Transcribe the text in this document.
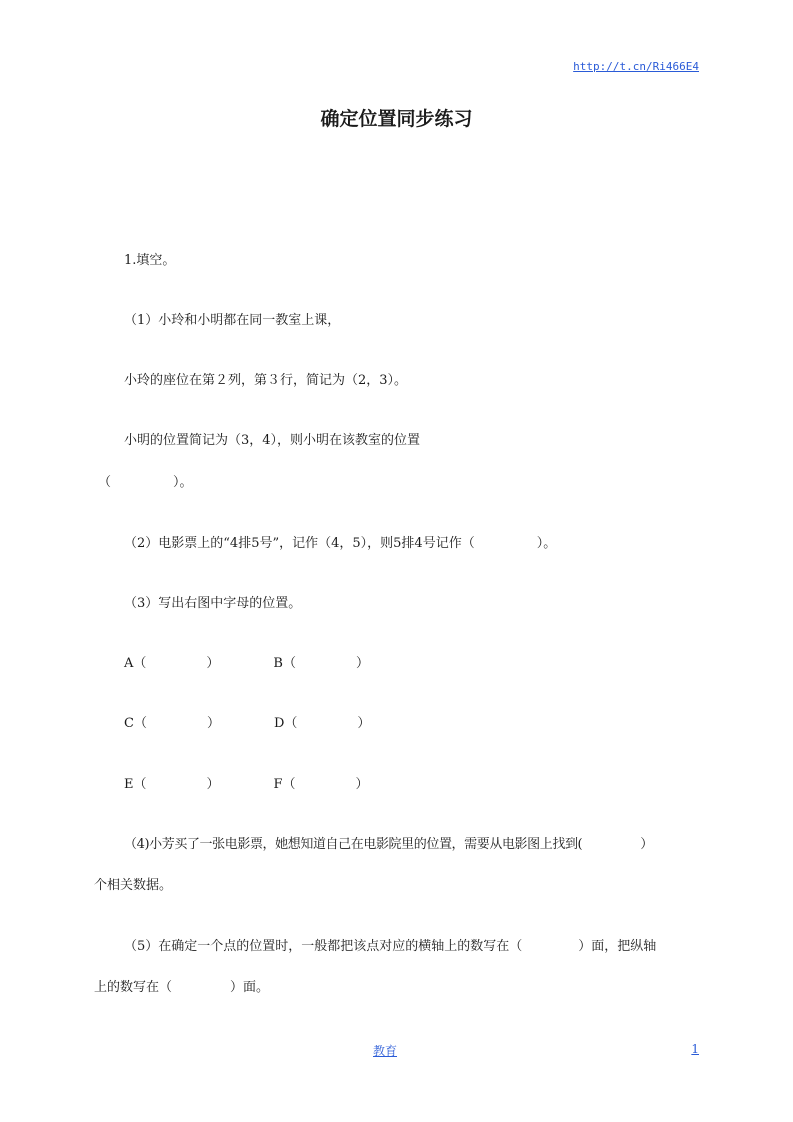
http://t.cn/Ri466E4
确定位置同步练习
1.填空。
（1）小玲和小明都在同一教室上课，
小玲的座位在第２列，第３行，简记为（2，3）。
小明的位置简记为（3，4），则小明在该教室的位置
（	）。
（2）电影票上的“4排5号”，记作（4，5），则5排4号记作（	）。
（3）写出右图中字母的位置。
A（	）	B（	）
C（	）	D（	）
E（	）	F（	）
（4)小芳买了一张电影票，她想知道自己在电影院里的位置，需要从电影图上找到(	）
个相关数据。
（5）在确定一个点的位置时，一般都把该点对应的横轴上的数写在（	）面，把纵轴
上的数写在（	）面。
教育	1
